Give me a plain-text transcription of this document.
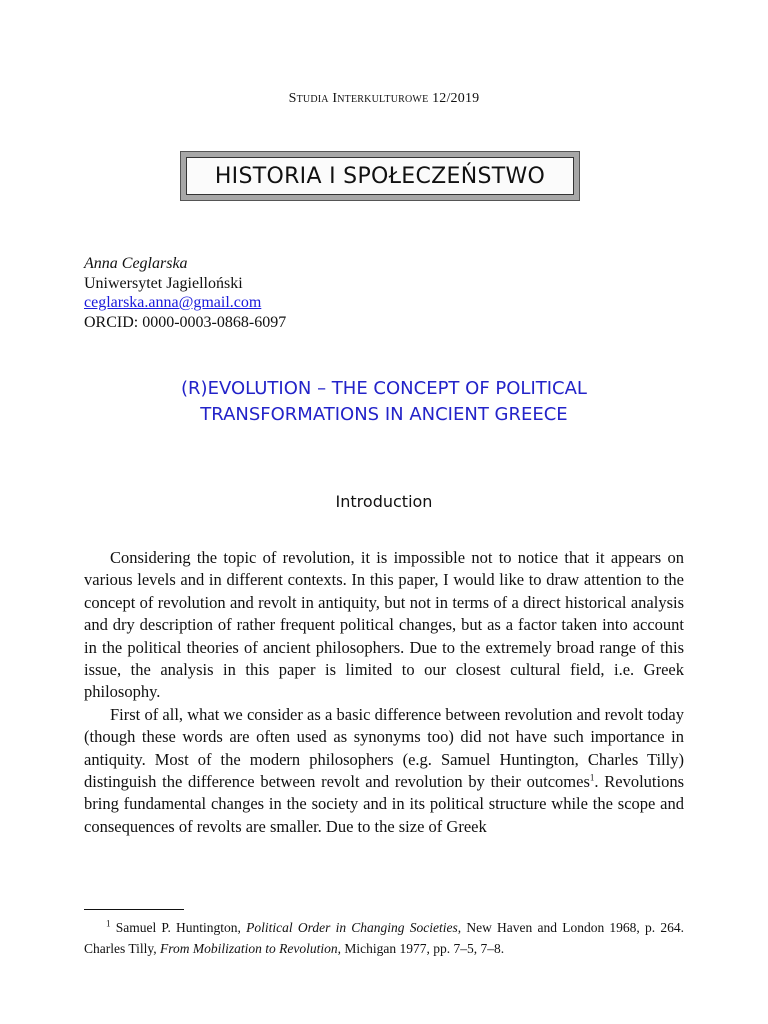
Studia Interkulturowe 12/2019
HISTORIA I SPOŁECZEŃSTWO
Anna Ceglarska
Uniwersytet Jagielloński
ceglarska.anna@gmail.com
ORCID: 0000-0003-0868-6097
(R)EVOLUTION – THE CONCEPT OF POLITICAL
TRANSFORMATIONS IN ANCIENT GREECE
Introduction

Considering the topic of revolution, it is impossible not to notice that it appears on various levels and in different contexts. In this paper, I would like to draw attention to the concept of revolution and revolt in antiquity, but not in terms of a direct historical analysis and dry description of rather frequent political changes, but as a factor taken into account in the political theories of ancient philosophers. Due to the extremely broad range of this issue, the analysis in this paper is limited to our closest cultural field, i.e. Greek philosophy.

First of all, what we consider as a basic difference between revolution and revolt today (though these words are often used as synonyms too) did not have such importance in antiquity. Most of the modern philosophers (e.g. Samuel Huntington, Charles Tilly) distinguish the difference between revolt and revolution by their outcomes$^1$. Revolutions bring fundamental changes in the society and in its political structure while the scope and consequences of revolts are smaller. Due to the size of Greek

$^1$ Samuel P. Huntington, Political Order in Changing Societies, New Haven and London 1968, p. 264. Charles Tilly, From Mobilization to Revolution, Michigan 1977, pp. 7–5, 7–8.
